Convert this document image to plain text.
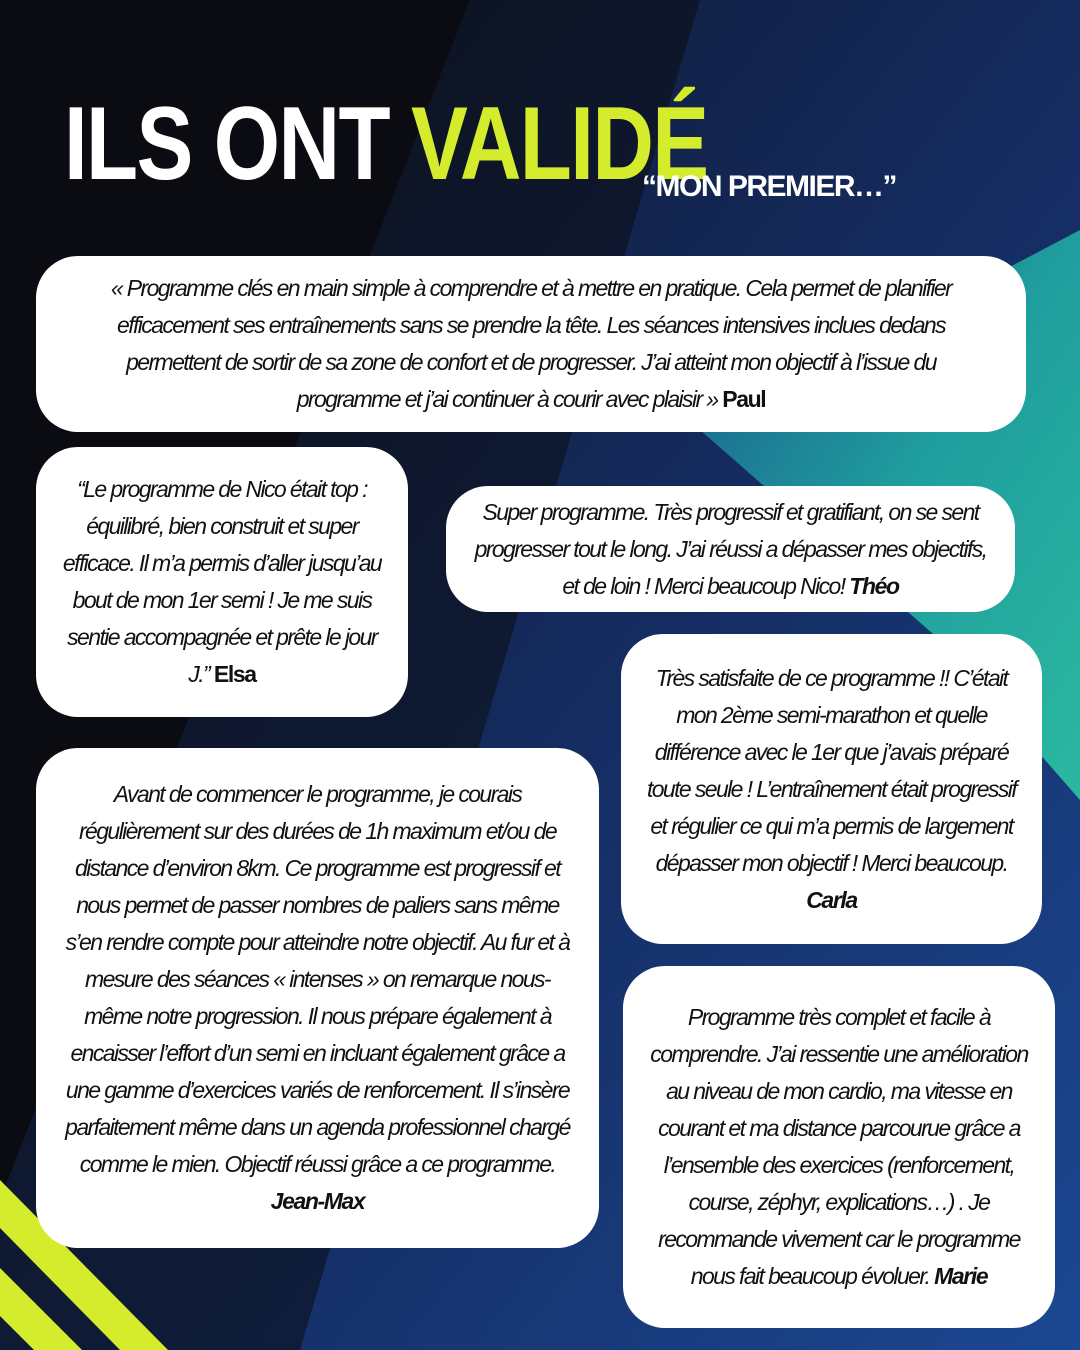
ILS ONT VALIDÉ
“MON PREMIER…”

« Programme clés en main simple à comprendre et à mettre en pratique. Cela permet de planifier efficacement ses entraînements sans se prendre la tête. Les séances intensives inclues dedans permettent de sortir de sa zone de confort et de progresser. J’ai atteint mon objectif à l’issue du programme et j’ai continuer à courir avec plaisir » Paul

“Le programme de Nico était top : équilibré, bien construit et super efficace. Il m’a permis d’aller jusqu’au bout de mon 1er semi ! Je me suis sentie accompagnée et prête le jour J.” Elsa

Super programme. Très progressif et gratifiant, on se sent progresser tout le long. J’ai réussi a dépasser mes objectifs, et de loin ! Merci beaucoup Nico! Théo

Très satisfaite de ce programme !! C’était mon 2ème semi-marathon et quelle différence avec le 1er que j’avais préparé toute seule ! L’entraînement était progressif et régulier ce qui m’a permis de largement dépasser mon objectif ! Merci beaucoup. Carla

Avant de commencer le programme, je courais régulièrement sur des durées de 1h maximum et/ou de distance d’environ 8km. Ce programme est progressif et nous permet de passer nombres de paliers sans même s’en rendre compte pour atteindre notre objectif. Au fur et à mesure des séances « intenses » on remarque nous-même notre progression. Il nous prépare également à encaisser l’effort d’un semi en incluant également grâce a une gamme d’exercices variés de renforcement. Il s’insère parfaitement même dans un agenda professionnel chargé comme le mien. Objectif réussi grâce a ce programme. Jean-Max

Programme très complet et facile à comprendre. J’ai ressentie une amélioration au niveau de mon cardio, ma vitesse en courant et ma distance parcourue grâce a l’ensemble des exercices (renforcement, course, zéphyr, explications…) . Je recommande vivement car le programme nous fait beaucoup évoluer. Marie
